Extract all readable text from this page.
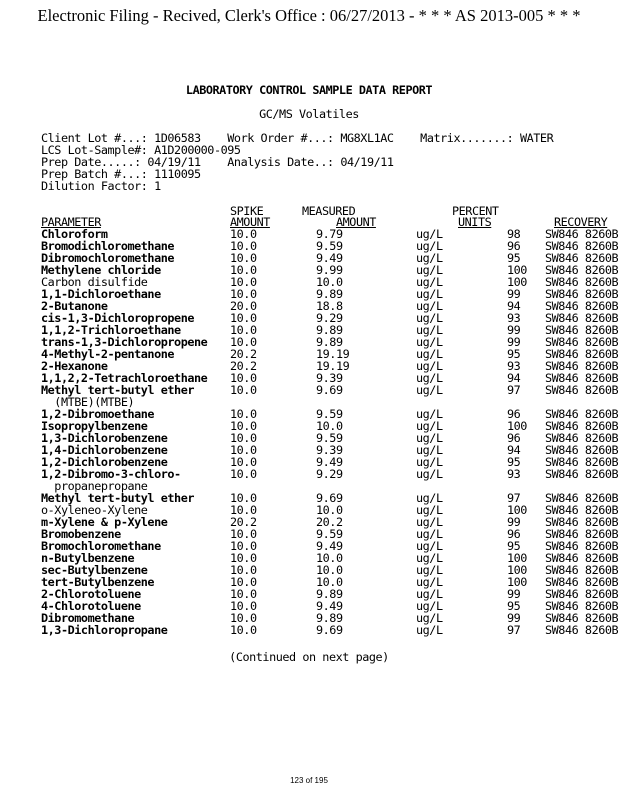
Electronic Filing - Recived, Clerk's Office : 06/27/2013 - * * * AS 2013-005 * * *
LABORATORY CONTROL SAMPLE DATA REPORT
GC/MS Volatiles
Client Lot #...: 1D06583    Work Order #...: MG8XL1AC    Matrix.......: WATER
LCS Lot-Sample#: A1D200000-095
Prep Date.....: 04/19/11    Analysis Date..: 04/19/11
Prep Batch #...: 1110095
Dilution Factor: 1
SPIKE	MEASURED	PERCENT
PARAMETER	AMOUNT	AMOUNT	UNITS	RECOVERY
Chloroform	10.0	9.79	ug/L	98 SW846 8260B
Bromodichloromethane	10.0	9.59	ug/L	96 SW846 8260B
Dibromochloromethane	10.0	9.49	ug/L	95 SW846 8260B
Methylene chloride	10.0	9.99	ug/L	100 SW846 8260B
Carbon disulfide	10.0	10.0	ug/L	100 SW846 8260B
1,1-Dichloroethane	10.0	9.89	ug/L	99 SW846 8260B
2-Butanone	20.0	18.8	ug/L	94 SW846 8260B
cis-1,3-Dichloropropene	10.0	9.29	ug/L	93 SW846 8260B
1,1,2-Trichloroethane	10.0	9.89	ug/L	99 SW846 8260B
trans-1,3-Dichloropropene 10.0	9.89	ug/L	99 SW846 8260B
4-Methyl-2-pentanone	20.2	19.19	ug/L	95 SW846 8260B
2-Hexanone	20.2	19.19	ug/L	93 SW846 8260B
1,1,2,2-Tetrachloroethane 10.0	9.39	ug/L	94 SW846 8260B
Methyl tert-butyl ether	10.0	9.69	ug/L	97 SW846 8260B
(MTBE)(MTBE)
1,2-Dibromoethane	10.0	9.59	ug/L	96 SW846 8260B
Isopropylbenzene	10.0	10.0	ug/L	100 SW846 8260B
1,3-Dichlorobenzene	10.0	9.59	ug/L	96 SW846 8260B
1,4-Dichlorobenzene	10.0	9.39	ug/L	94 SW846 8260B
1,2-Dichlorobenzene	10.0	9.49	ug/L	95 SW846 8260B
1,2-Dibromo-3-chloro-	10.0	9.29	ug/L	93 SW846 8260B
propanepropane
Methyl tert-butyl ether	10.0	9.69	ug/L	97 SW846 8260B
o-Xyleneo-Xylene	10.0	10.0	ug/L	100 SW846 8260B
m-Xylene & p-Xylene	20.2	20.2	ug/L	99 SW846 8260B
Bromobenzene	10.0	9.59	ug/L	96 SW846 8260B
Bromochloromethane	10.0	9.49	ug/L	95 SW846 8260B
n-Butylbenzene	10.0	10.0	ug/L	100 SW846 8260B
sec-Butylbenzene	10.0	10.0	ug/L	100 SW846 8260B
tert-Butylbenzene	10.0	10.0	ug/L	100 SW846 8260B
2-Chlorotoluene	10.0	9.89	ug/L	99 SW846 8260B
4-Chlorotoluene	10.0	9.49	ug/L	95 SW846 8260B
Dibromomethane	10.0	9.89	ug/L	99 SW846 8260B
1,3-Dichloropropane	10.0	9.69	ug/L	97 SW846 8260B
(Continued on next page)
123 of 195
